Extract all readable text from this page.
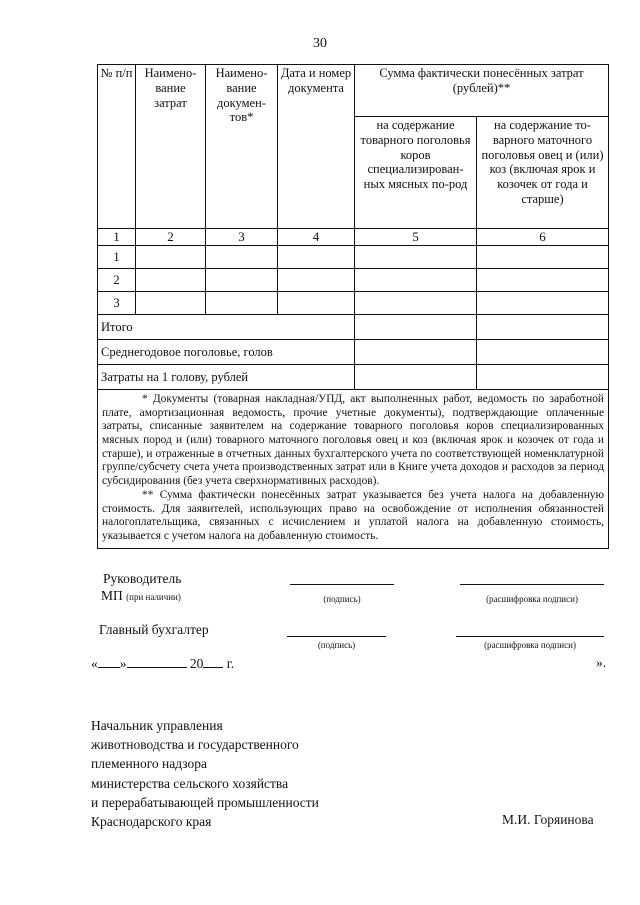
30
№ п/п	Наимено-вание затрат	Наимено-вание докумен-тов*	Дата и номер документа	Сумма фактически понесённых затрат (рублей)**	
				на содержание товарного поголовья коров специализирован-ных мясных по-род	на содержание то-варного маточного поголовья овец и (или) коз (включая ярок и козочек от года и старше)
1	2	3	4	5	6
1					
2					
3					
Итого					
Среднегодовое поголовье, голов					
Затраты на 1 голову, рублей					

* Документы (товарная накладная/УПД, акт выполненных работ, ведомость по заработной плате, амортизационная ведомость, прочие учетные документы), подтверждающие оплаченные затраты, списанные заявителем на содержание товарного поголовья коров специализированных мясных пород и (или) товарного маточного поголовья овец и коз (включая ярок и козочек от года и старше), и отраженные в отчетных данных бухгалтерского учета по соответствующей номенклатурной группе/субсчету счета учета производственных затрат или в Книге учета доходов и расходов за период субсидирования (без учета сверхнормативных расходов).

** Сумма фактически понесённых затрат указывается без учета налога на добавленную стоимость. Для заявителей, использующих право на освобождение от исполнения обязанностей налогоплательщика, связанных с исчислением и уплатой налога на добавленную стоимость, указывается с учетом налога на добавленную стоимость.					

Руководитель
МП (при наличии)	(подпись)	(расшифровка подписи)
Главный бухгалтер
(подпись)	(расшифровка подписи)
« »	20 г.	».
Начальник управления
животноводства и государственного
племенного надзора
министерства сельского хозяйства
и перерабатывающей промышленности
Краснодарского края	М.И. Горяинова
